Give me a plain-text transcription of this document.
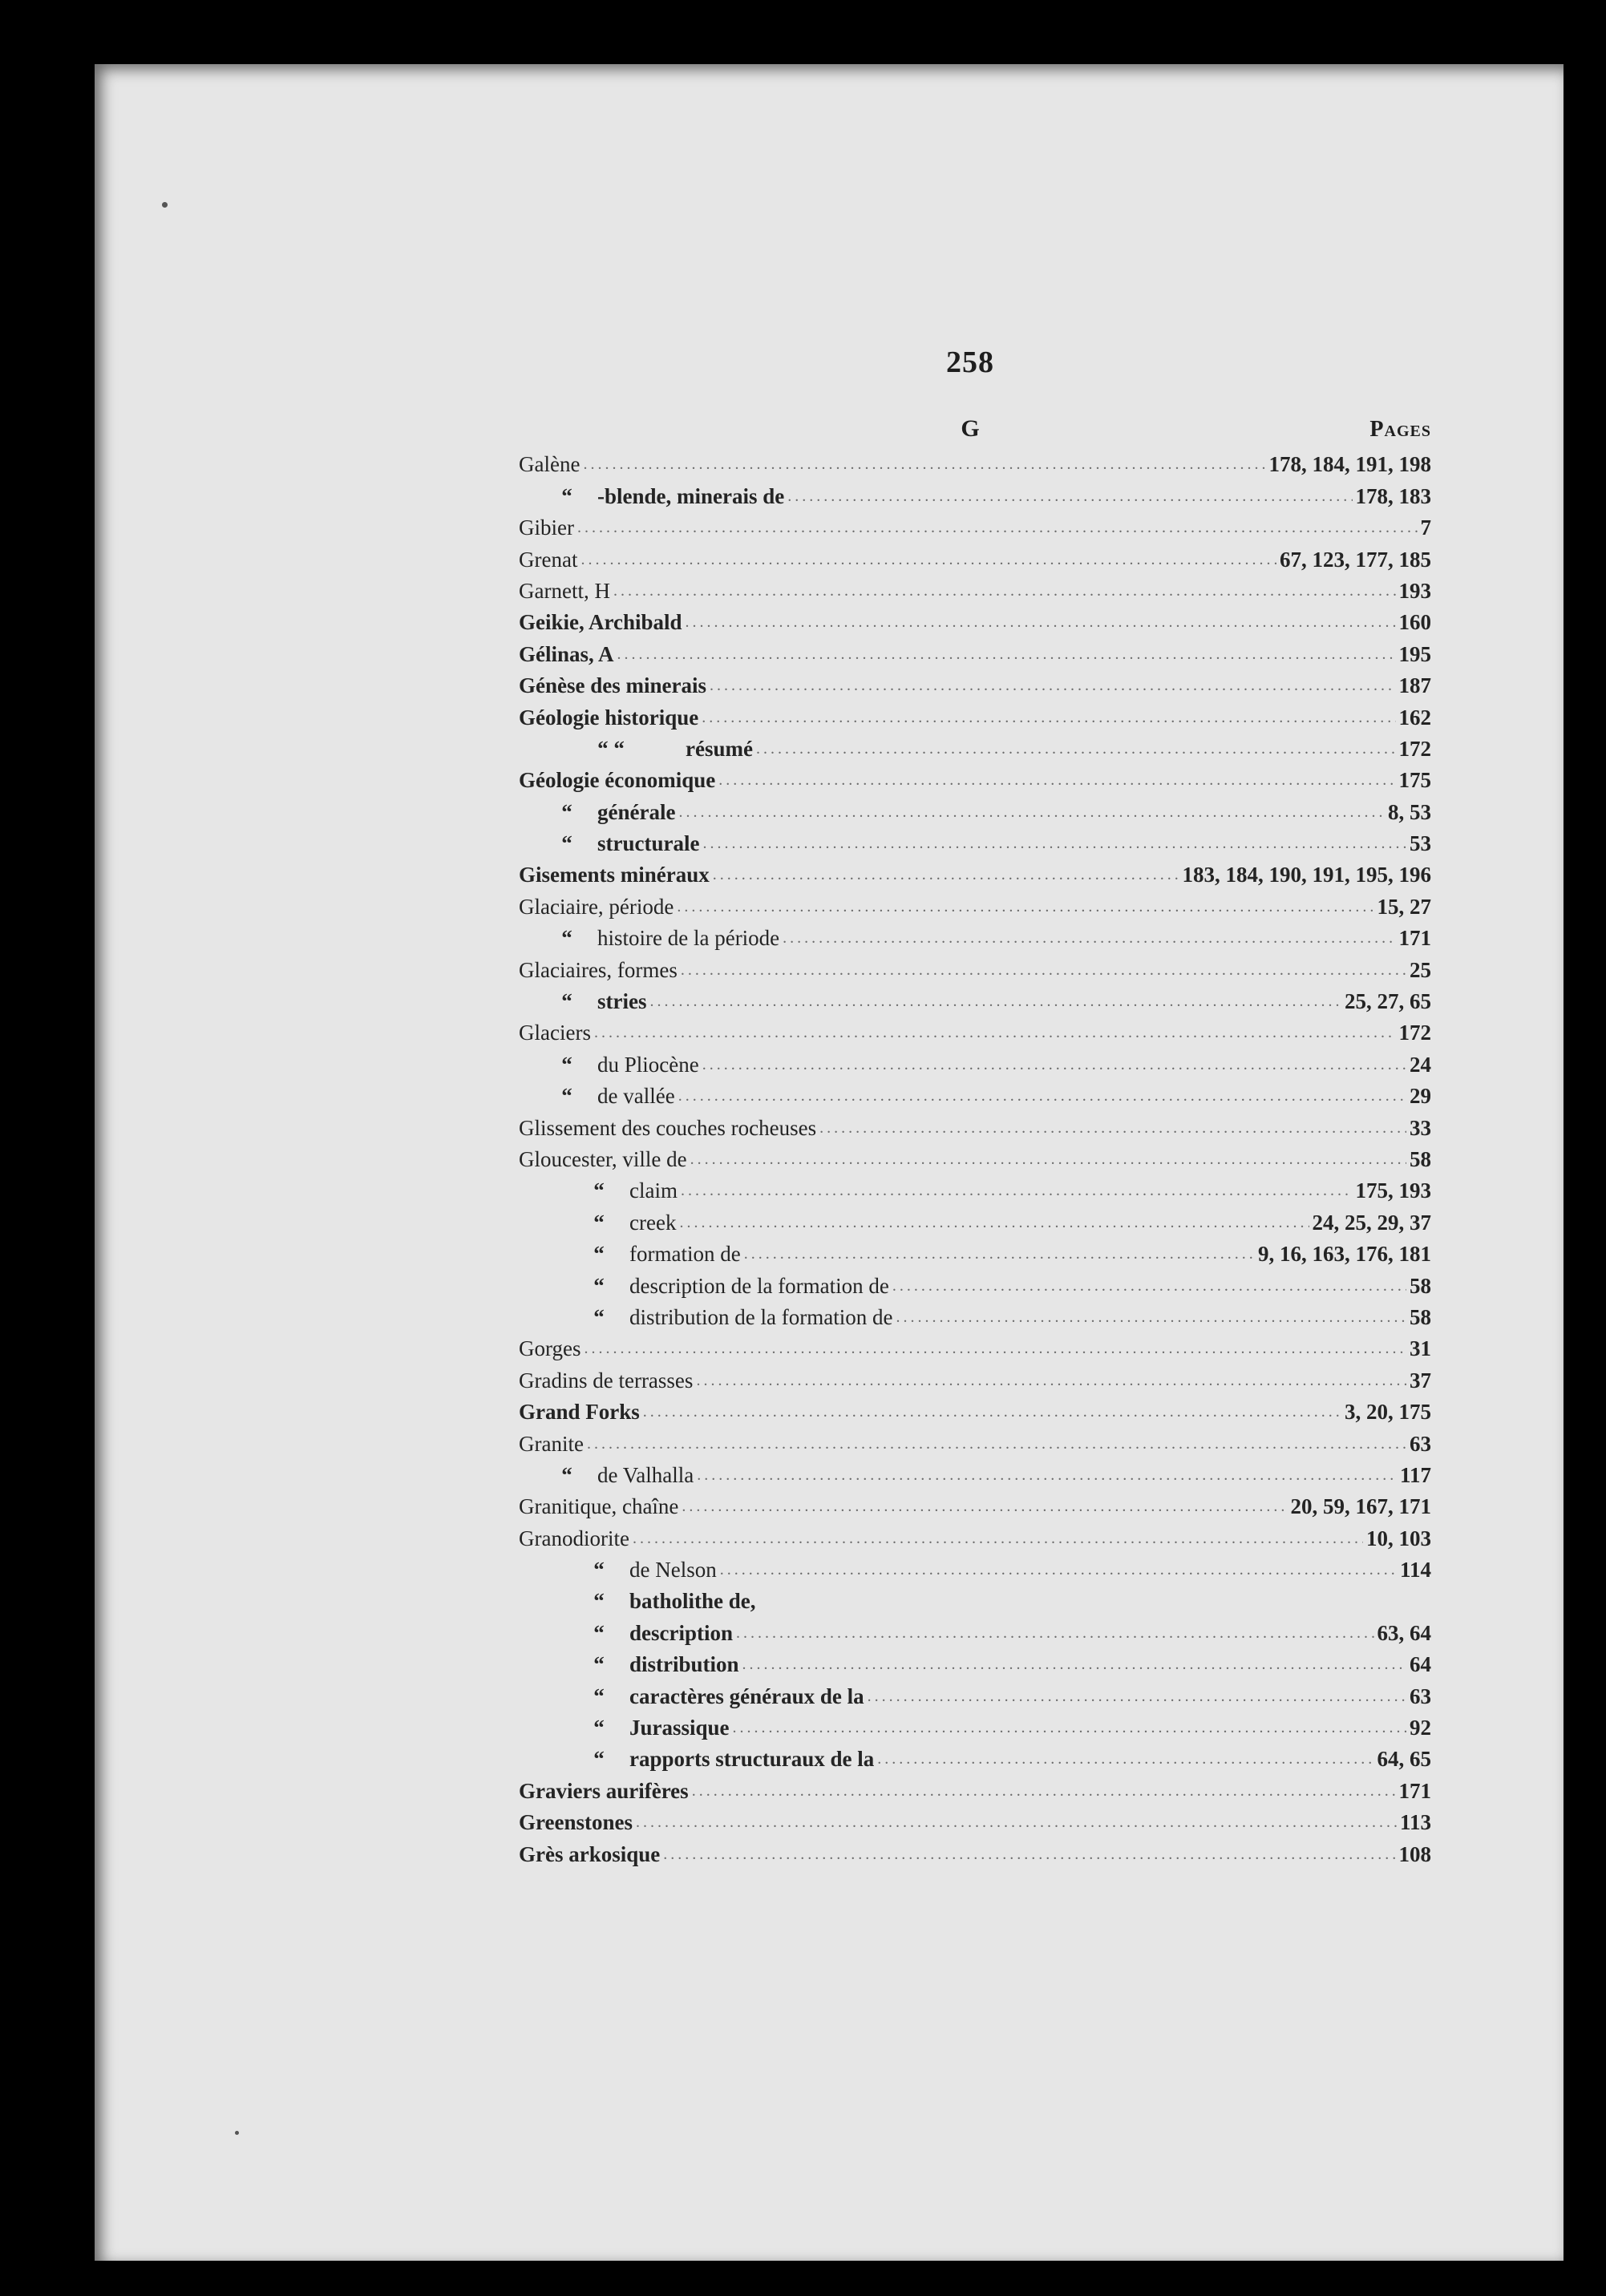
258
G	Pages
Galène .....	178, 184, 191, 198
“	-blende, minerais de .....	178, 183
Gibier .....	7
Grenat .....	67, 123, 177, 185
Garnett, H .....	193
Geikie, Archibald .....	160
Gélinas, A .....	195
Génèse des minerais .....	187
Géologie historique .....	162
“ “	résumé .....	172
Géologie économique .....	175
“	générale .....	8, 53
“	structurale .....	53
Gisements minéraux .....	183, 184, 190, 191, 195, 196
Glaciaire, période .....	15, 27
“	histoire de la période .....	171
Glaciaires, formes .....	25
“	stries .....	25, 27, 65
Glaciers .....	172
“	du Pliocène .....	24
“	de vallée .....	29
Glissement des couches rocheuses .....	33
Gloucester, ville de .....	58
“	claim .....	175, 193
“	creek .....	24, 25, 29, 37
“	formation de .....	9, 16, 163, 176, 181
“	description de la formation de .....	58
“	distribution de la formation de .....	58
Gorges .....	31
Gradins de terrasses .....	37
Grand Forks .....	3, 20, 175
Granite .....	63
“	de Valhalla .....	117
Granitique, chaîne .....	20, 59, 167, 171
Granodiorite .....	10, 103
“	de Nelson .....	114
“	batholithe de,
“	description .....	63, 64
“	distribution .....	64
“	caractères généraux de la .....	63
“	Jurassique .....	92
“	rapports structuraux de la .....	64, 65
Graviers aurifères .....	171
Greenstones .....	113
Grès arkosique .....	108
